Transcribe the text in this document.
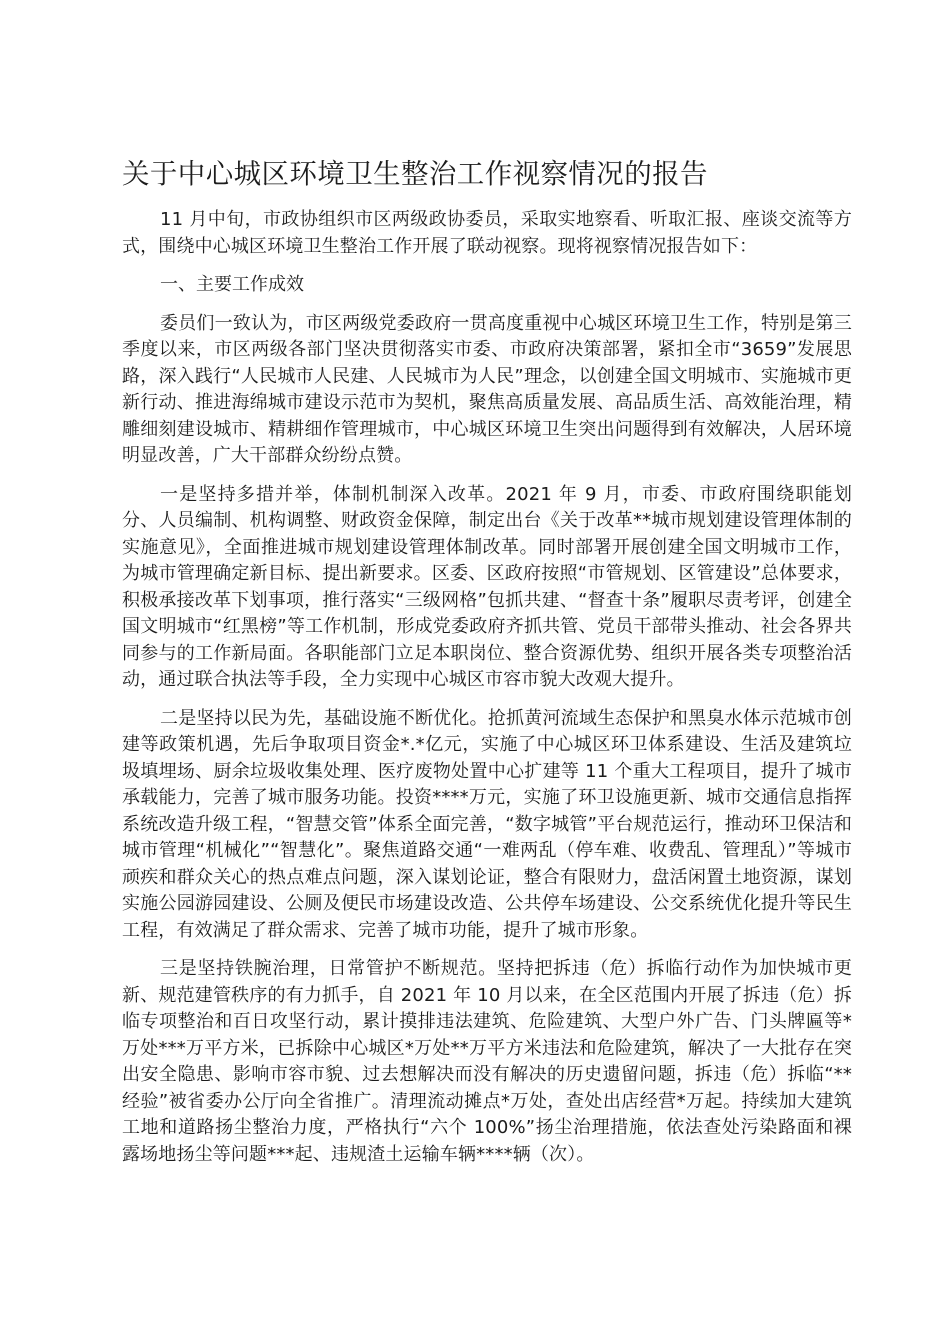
关于中心城区环境卫生整治工作视察情况的报告

11 月中旬，市政协组织市区两级政协委员，采取实地察看、听取汇报、座谈交流等方式，围绕中心城区环境卫生整治工作开展了联动视察。现将视察情况报告如下：

一、主要工作成效

委员们一致认为，市区两级党委政府一贯高度重视中心城区环境卫生工作，特别是第三季度以来，市区两级各部门坚决贯彻落实市委、市政府决策部署，紧扣全市“3659”发展思路，深入践行“人民城市人民建、人民城市为人民”理念，以创建全国文明城市、实施城市更新行动、推进海绵城市建设示范市为契机，聚焦高质量发展、高品质生活、高效能治理，精雕细刻建设城市、精耕细作管理城市，中心城区环境卫生突出问题得到有效解决，人居环境明显改善，广大干部群众纷纷点赞。

一是坚持多措并举，体制机制深入改革。2021 年 9 月，市委、市政府围绕职能划分、人员编制、机构调整、财政资金保障，制定出台《关于改革**城市规划建设管理体制的实施意见》，全面推进城市规划建设管理体制改革。同时部署开展创建全国文明城市工作，为城市管理确定新目标、提出新要求。区委、区政府按照“市管规划、区管建设”总体要求，积极承接改革下划事项，推行落实“三级网格”包抓共建、“督查十条”履职尽责考评，创建全国文明城市“红黑榜”等工作机制，形成党委政府齐抓共管、党员干部带头推动、社会各界共同参与的工作新局面。各职能部门立足本职岗位、整合资源优势、组织开展各类专项整治活动，通过联合执法等手段，全力实现中心城区市容市貌大改观大提升。

二是坚持以民为先，基础设施不断优化。抢抓黄河流域生态保护和黑臭水体示范城市创建等政策机遇，先后争取项目资金*.*亿元，实施了中心城区环卫体系建设、生活及建筑垃圾填埋场、厨余垃圾收集处理、医疗废物处置中心扩建等 11 个重大工程项目，提升了城市承载能力，完善了城市服务功能。投资****万元，实施了环卫设施更新、城市交通信息指挥系统改造升级工程，“智慧交管”体系全面完善，“数字城管”平台规范运行，推动环卫保洁和城市管理“机械化”“智慧化”。聚焦道路交通“一难两乱（停车难、收费乱、管理乱）”等城市顽疾和群众关心的热点难点问题，深入谋划论证，整合有限财力，盘活闲置土地资源，谋划实施公园游园建设、公厕及便民市场建设改造、公共停车场建设、公交系统优化提升等民生工程，有效满足了群众需求、完善了城市功能，提升了城市形象。

三是坚持铁腕治理，日常管护不断规范。坚持把拆违（危）拆临行动作为加快城市更新、规范建管秩序的有力抓手，自 2021 年 10 月以来，在全区范围内开展了拆违（危）拆临专项整治和百日攻坚行动，累计摸排违法建筑、危险建筑、大型户外广告、门头牌匾等*万处***万平方米，已拆除中心城区*万处**万平方米违法和危险建筑，解决了一大批存在突出安全隐患、影响市容市貌、过去想解决而没有解决的历史遗留问题，拆违（危）拆临“**经验”被省委办公厅向全省推广。清理流动摊点*万处，查处出店经营*万起。持续加大建筑工地和道路扬尘整治力度，严格执行“六个 100%”扬尘治理措施，依法查处污染路面和裸露场地扬尘等问题***起、违规渣土运输车辆****辆（次）。
